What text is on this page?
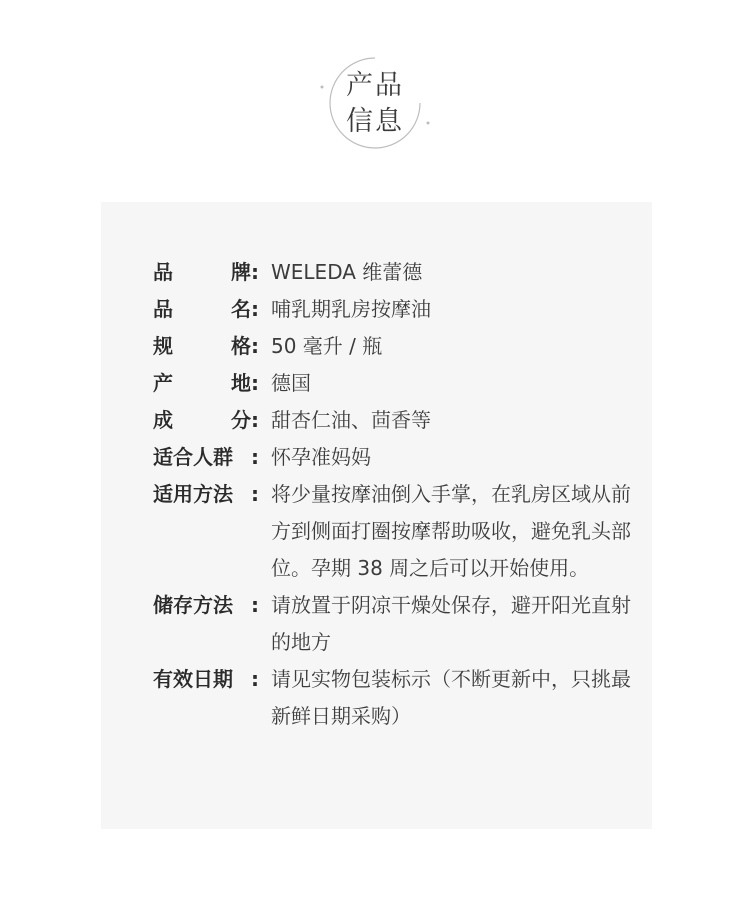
产品
信息
品	牌 : WELEDA 维蕾德
品	名 : 哺乳期乳房按摩油
规	格 : 50 毫升 / 瓶
产	地 : 德国
成	分 : 甜杏仁油、茴香等
适合人群 : 怀孕准妈妈
适用方法 : 将少量按摩油倒入手掌，在乳房区域从前方到侧面打圈按摩帮助吸收，避免乳头部位。孕期 38 周之后可以开始使用。
储存方法 : 请放置于阴凉干燥处保存，避开阳光直射的地方
有效日期 : 请见实物包装标示（不断更新中，只挑最新鲜日期采购）
